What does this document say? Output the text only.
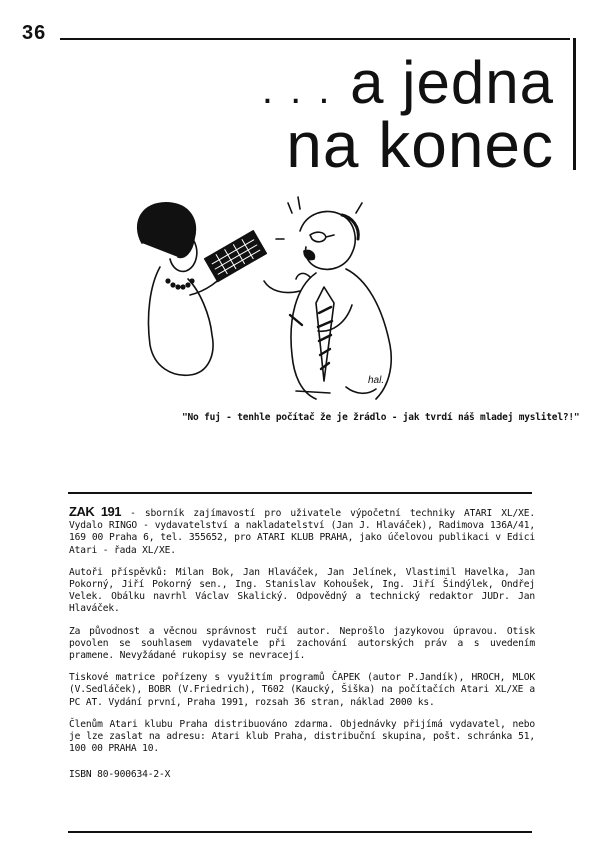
36
. . . a jedna
na konec
hal.
"No fuj - tenhle počítač že je žrádlo - jak tvrdí náš mladej myslitel?!"

ZAK 191 - sborník zajímavostí pro uživatele výpočetní techniky ATARI XL/XE. Vydalo RINGO - vydavatelství a nakladatelství (Jan J. Hlaváček), Radimova 136A/41, 169 00 Praha 6, tel. 355652, pro ATARI KLUB PRAHA, jako účelovou publikaci v Edici Atari - řada XL/XE.

Autoři příspěvků: Milan Bok, Jan Hlaváček, Jan Jelínek, Vlastimil Havelka, Jan Pokorný, Jiří Pokorný sen., Ing. Stanislav Kohoušek, Ing. Jiří Šindýlek, Ondřej Velek. Obálku navrhl Václav Skalický. Odpovědný a technický redaktor JUDr. Jan Hlaváček.

Za původnost a věcnou správnost ručí autor. Neprošlo jazykovou úpravou. Otisk povolen se souhlasem vydavatele při zachování autorských práv a s uvedením pramene. Nevyžádané rukopisy se nevracejí.

Tiskové matrice pořízeny s využitím programů ČAPEK (autor P.Jandík), HROCH, MLOK (V.Sedláček), BOBR (V.Friedrich), T602 (Kaucký, Šiška) na počítačích Atari XL/XE a PC AT. Vydání první, Praha 1991, rozsah 36 stran, náklad 2000 ks.

Členům Atari klubu Praha distribuováno zdarma. Objednávky přijímá vydavatel, nebo je lze zaslat na adresu: Atari klub Praha, distribuční skupina, pošt. schránka 51, 100 00 PRAHA 10.

ISBN 80-900634-2-X
